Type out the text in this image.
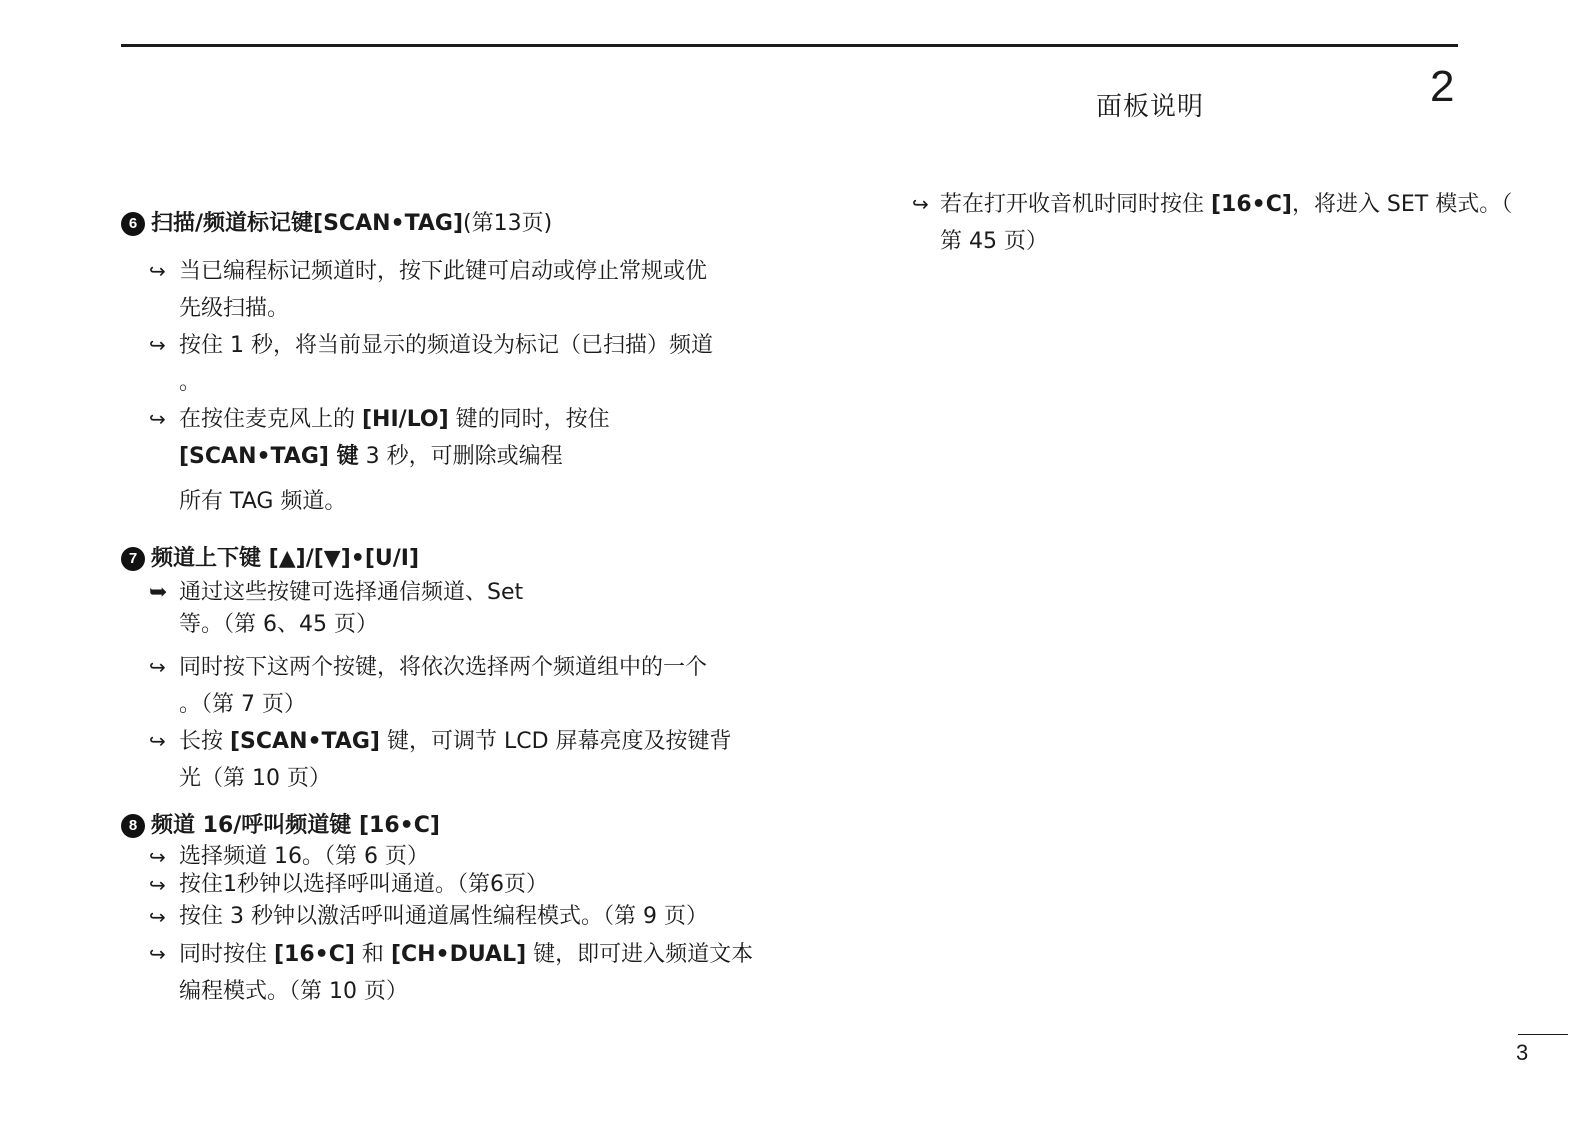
面板说明	2
6 扫描/频道标记键[SCAN•TAG] (第13页)
↪ 当已编程标记频道时，按下此键可启动或停止常规或优
先级扫描。
↪ 按住 1 秒，将当前显示的频道设为标记（已扫描）频道
。
↪ 在按住麦克风上的 [HI/LO] 键的同时，按住
[SCAN•TAG] 键 3 秒，可删除或编程
所有 TAG 频道。
7 频道上下键 [▲]/[▼]•[U/I]
➥ 通过这些按键可选择通信频道、Set
等。（第 6、45 页）
↪ 同时按下这两个按键，将依次选择两个频道组中的一个
。（第 7 页）
↪ 长按 [SCAN•TAG] 键，可调节 LCD 屏幕亮度及按键背
光（第 10 页）
8 频道 16/呼叫频道键 [16•C]
↪ 选择频道 16。（第 6 页）
↪ 按住1秒钟以选择呼叫通道。（第6页）
↪ 按住 3 秒钟以激活呼叫通道属性编程模式。（第 9 页）
↪ 同时按住 [16•C] 和 [CH•DUAL] 键，即可进入频道文本
编程模式。（第 10 页）
↪ 若在打开收音机时同时按住 [16•C]，将进入 SET 模式。（
第 45 页）
3
